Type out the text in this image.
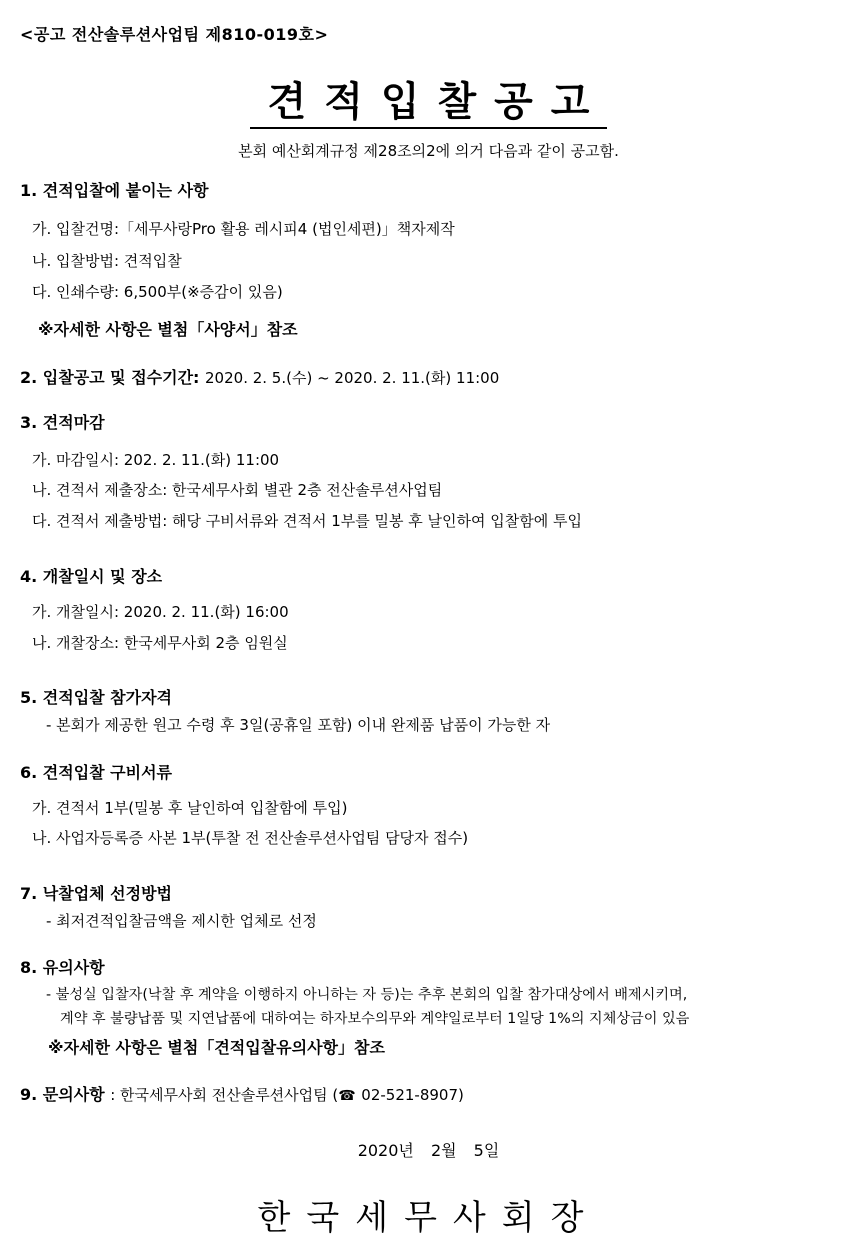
<공고 전산솔루션사업팀 제810-019호>
견적입찰공고
본회 예산회계규정 제28조의2에 의거 다음과 같이 공고함.
1. 견적입찰에 붙이는 사항
가. 입찰건명:「세무사랑Pro 활용 레시피4 (법인세편)」책자제작
나. 입찰방법: 견적입찰
다. 인쇄수량: 6,500부(※증감이 있음)
※자세한 사항은 별첨「사양서」참조
2. 입찰공고 및 접수기간: 2020. 2. 5.(수) ~ 2020. 2. 11.(화) 11:00
3. 견적마감
가. 마감일시: 202. 2. 11.(화) 11:00
나. 견적서 제출장소: 한국세무사회 별관 2층 전산솔루션사업팀
다. 견적서 제출방법: 해당 구비서류와 견적서 1부를 밀봉 후 날인하여 입찰함에 투입
4. 개찰일시 및 장소
가. 개찰일시: 2020. 2. 11.(화) 16:00
나. 개찰장소: 한국세무사회 2층 임원실
5. 견적입찰 참가자격
- 본회가 제공한 원고 수령 후 3일(공휴일 포함) 이내 완제품 납품이 가능한 자
6. 견적입찰 구비서류
가. 견적서 1부(밀봉 후 날인하여 입찰함에 투입)
나. 사업자등록증 사본 1부(투찰 전 전산솔루션사업팀 담당자 접수)
7. 낙찰업체 선정방법
- 최저견적입찰금액을 제시한 업체로 선정
8. 유의사항
- 불성실 입찰자(낙찰 후 계약을 이행하지 아니하는 자 등)는 추후 본회의 입찰 참가대상에서 배제시키며,
계약 후 불량납품 및 지연납품에 대하여는 하자보수의무와 계약일로부터 1일당 1%의 지체상금이 있음
※자세한 사항은 별첨「견적입찰유의사항」참조
9. 문의사항 : 한국세무사회 전산솔루션사업팀 (☎ 02-521-8907)
2020년 2월 5일
한국세무사회장
